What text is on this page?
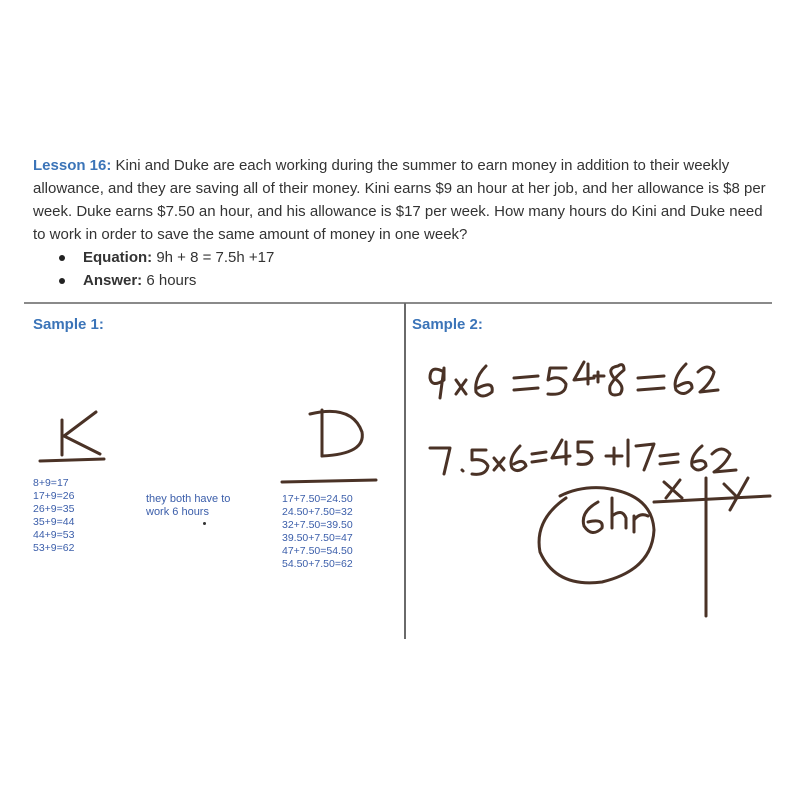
Lesson 16: Kini and Duke are each working during the summer to earn money in addition to their weekly allowance, and they are saving all of their money. Kini earns $9 an hour at her job, and her allowance is $8 per week. Duke earns $7.50 an hour, and his allowance is $17 per week. How many hours do Kini and Duke need to work in order to save the same amount of money in one week?
Equation: 9h + 8 = 7.5h +17
Answer: 6 hours
Sample 1:	Sample 2:
8+9=17
17+9=26
26+9=35
35+9=44
44+9=53
53+9=62
they both have to
work 6 hours
17+7.50=24.50
24.50+7.50=32
32+7.50=39.50
39.50+7.50=47
47+7.50=54.50
54.50+7.50=62
K
